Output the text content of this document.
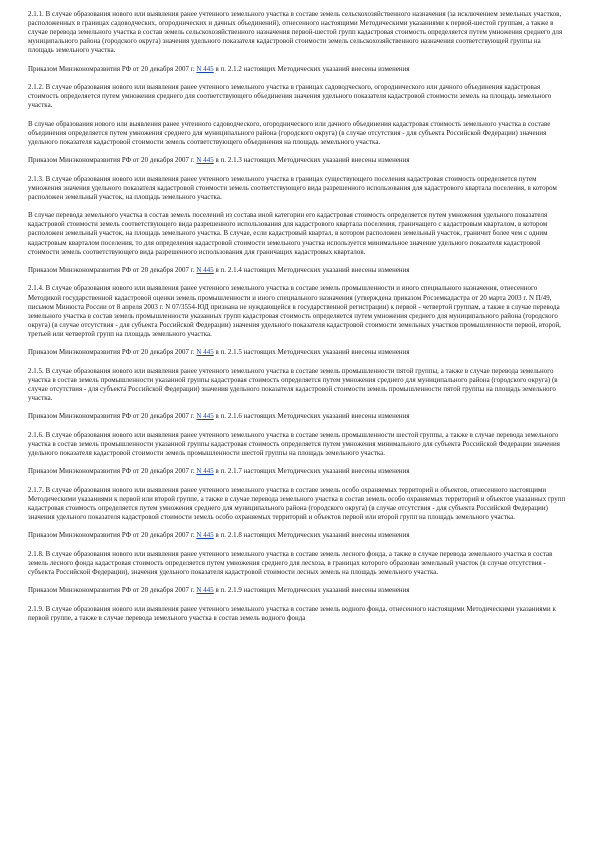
2.1.1. В случае образования нового или выявления ранее учтенного земельного участка в составе земель сельскохозяйственного назначения (за исключением земельных участков, расположенных в границах садоводческих, огороднических и дачных объединений), отнесенного настоящими Методическими указаниями к первой-шестой группам, а также в случае перевода земельного участка в состав земель сельскохозяйственного назначения первой-шестой групп кадастровая стоимость определяется путем умножения среднего для муниципального района (городского округа) значения удельного показателя кадастровой стоимости земель сельскохозяйственного назначения соответствующей группы на площадь земельного участка.

Приказом Минэкономразвития РФ от 20 декабря 2007 г. N 445 в п. 2.1.2 настоящих Методических указаний внесены изменения

2.1.2. В случае образования нового или выявления ранее учтенного земельного участка в границах садоводческого, огороднического или дачного объединения кадастровая стоимость определяется путем умножения среднего для соответствующего объединения значения удельного показателя кадастровой стоимости земель на площадь земельного участка.

В случае образования нового или выявления ранее учтенного садоводческого, огороднического или дачного объединения кадастровая стоимость земельного участка в составе объединения определяется путем умножения среднего для муниципального района (городского округа) (в случае отсутствия - для субъекта Российской Федерации) значения удельного показателя кадастровой стоимости земель соответствующего объединения на площадь земельного участка.

Приказом Минэкономразвития РФ от 20 декабря 2007 г. N 445 в п. 2.1.3 настоящих Методических указаний внесены изменения

2.1.3. В случае образования нового или выявления ранее учтенного земельного участка в границах существующего поселения кадастровая стоимость определяется путем умножения значения удельного показателя кадастровой стоимости земель соответствующего вида разрешенного использования для кадастрового квартала поселения, в котором расположен земельный участок, на площадь земельного участка.

В случае перевода земельного участка в состав земель поселений из состава иной категории его кадастровая стоимость определяется путем умножения удельного показателя кадастровой стоимости земель соответствующего вида разрешенного использования для кадастрового квартала поселения, граничащего с кадастровым кварталом, в котором расположен земельный участок, на площадь земельного участка. В случае, если кадастровый квартал, в котором расположен земельный участок, граничит более чем с одним кадастровым кварталом поселения, то для определения кадастровой стоимости земельного участка используется минимальное значение удельного показателя кадастровой стоимости земель соответствующего вида разрешенного использования для граничащих кадастровых кварталов.

Приказом Минэкономразвития РФ от 20 декабря 2007 г. N 445 в п. 2.1.4 настоящих Методических указаний внесены изменения

2.1.4. В случае образования нового или выявления ранее учтенного земельного участка в составе земель промышленности и иного специального назначения, отнесенного Методикой государственной кадастровой оценки земель промышленности и иного специального назначения (утверждена приказом Росземкадастра от 20 марта 2003 г. N П/49, письмом Минюста России от 8 апреля 2003 г. N 07/3554-ЮД признана не нуждающейся в государственной регистрации) к первой - четвертой группам, а также в случае перевода земельного участка в состав земель промышленности указанных групп кадастровая стоимость определяется путем умножения среднего для муниципального района (городского округа) (в случае отсутствия - для субъекта Российской Федерации) значения удельного показателя кадастровой стоимости земельных участков промышленности первой, второй, третьей или четвертой групп на площадь земельного участка.

Приказом Минэкономразвития РФ от 20 декабря 2007 г. N 445 в п. 2.1.5 настоящих Методических указаний внесены изменения

2.1.5. В случае образования нового или выявления ранее учтенного земельного участка в составе земель промышленности пятой группы, а также в случае перевода земельного участка в состав земель промышленности указанной группы кадастровая стоимость определяется путем умножения среднего для муниципального района (городского округа) (в случае отсутствия - для субъекта Российской Федерации) значения удельного показателя кадастровой стоимости земель промышленности пятой группы на площадь земельного участка.

Приказом Минэкономразвития РФ от 20 декабря 2007 г. N 445 в п. 2.1.6 настоящих Методических указаний внесены изменения

2.1.6. В случае образования нового или выявления ранее учтенного земельного участка в составе земель промышленности шестой группы, а также в случае перевода земельного участка в состав земель промышленности указанной группы кадастровая стоимость определяется путем умножения минимального для субъекта Российской Федерации значения удельного показателя кадастровой стоимости земель промышленности шестой группы на площадь земельного участка.

Приказом Минэкономразвития РФ от 20 декабря 2007 г. N 445 в п. 2.1.7 настоящих Методических указаний внесены изменения

2.1.7. В случае образования нового или выявления ранее учтенного земельного участка в составе земель особо охраняемых территорий и объектов, отнесенного настоящими Методическими указаниями к первой или второй группе, а также в случае перевода земельного участка в состав земель особо охраняемых территорий и объектов указанных групп кадастровая стоимость определяется путем умножения среднего для муниципального района (городского округа) (в случае отсутствия - для субъекта Российской Федерации) значения удельного показателя кадастровой стоимости земель особо охраняемых территорий и объектов первой или второй групп на площадь земельного участка.

Приказом Минэкономразвития РФ от 20 декабря 2007 г. N 445 в п. 2.1.8 настоящих Методических указаний внесены изменения

2.1.8. В случае образования нового или выявления ранее учтенного земельного участка в составе земель лесного фонда, а также в случае перевода земельного участка в состав земель лесного фонда кадастровая стоимость определяется путем умножения среднего для лесхоза, в границах которого образован земельный участок (в случае отсутствия - субъекта Российской Федерации), значения удельного показателя кадастровой стоимости лесных земель на площадь земельного участка.

Приказом Минэкономразвития РФ от 20 декабря 2007 г. N 445 в п. 2.1.9 настоящих Методических указаний внесены изменения

2.1.9. В случае образования нового или выявления ранее учтенного земельного участка в составе земель водного фонда, отнесенного настоящими Методическими указаниями к первой группе, а также в случае перевода земельного участка в состав земель водного фонда
